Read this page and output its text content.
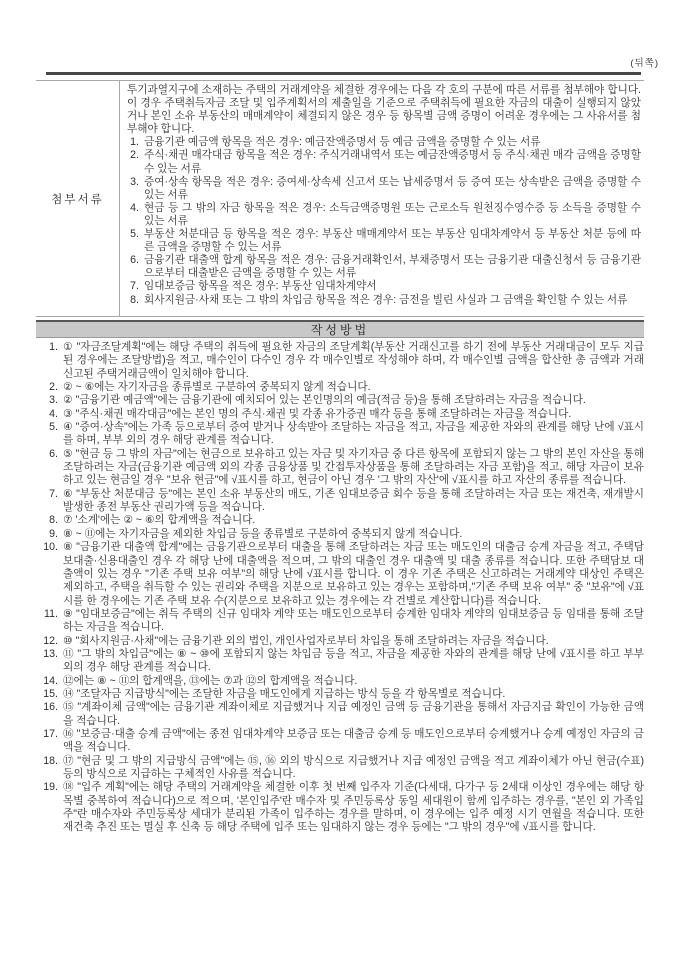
(뒤쪽)
첨부서류
투기과열지구에 소재하는 주택의 거래계약을 체결한 경우에는 다음 각 호의 구분에 따른 서류를 첨부해야 합니다. 이 경우 주택취득자금 조달 및 입주계획서의 제출일을 기준으로 주택취득에 필요한 자금의 대출이 실행되지 않았거나 본인 소유 부동산의 매매계약이 체결되지 않은 경우 등 항목별 금액 증명이 어려운 경우에는 그 사유서를 첨부해야 합니다.
1. 금융기관 예금액 항목을 적은 경우: 예금잔액증명서 등 예금 금액을 증명할 수 있는 서류
2. 주식·채권 매각대금 항목을 적은 경우: 주식거래내역서 또는 예금잔액증명서 등 주식·채권 매각 금액을 증명할 수 있는 서류
3. 증여·상속 항목을 적은 경우: 증여세·상속세 신고서 또는 납세증명서 등 증여 또는 상속받은 금액을 증명할 수 있는 서류
4. 현금 등 그 밖의 자금 항목을 적은 경우: 소득금액증명원 또는 근로소득 원천징수영수증 등 소득을 증명할 수 있는 서류
5. 부동산 처분대금 등 항목을 적은 경우: 부동산 매매계약서 또는 부동산 임대차계약서 등 부동산 처분 등에 따른 금액을 증명할 수 있는 서류
6. 금융기관 대출액 합계 항목을 적은 경우: 금융거래확인서, 부채증명서 또는 금융기관 대출신청서 등 금융기관으로부터 대출받은 금액을 증명할 수 있는 서류
7. 임대보증금 항목을 적은 경우: 부동산 임대차계약서
8. 회사지원금·사채 또는 그 밖의 차입금 항목을 적은 경우: 금전을 빌린 사실과 그 금액을 확인할 수 있는 서류
작성방법
1. ① "자금조달계획"에는 해당 주택의 취득에 필요한 자금의 조달계획(부동산 거래신고를 하기 전에 부동산 거래대금이 모두 지급된 경우에는 조달방법)을 적고, 매수인이 다수인 경우 각 매수인별로 작성해야 하며, 각 매수인별 금액을 합산한 총 금액과 거래신고된 주택거래금액이 일치해야 합니다.
2. ② ~ ⑥에는 자기자금을 종류별로 구분하여 중복되지 않게 적습니다.
3. ② "금융기관 예금액"에는 금융기관에 예치되어 있는 본인명의의 예금(적금 등)을 통해 조달하려는 자금을 적습니다.
4. ③ "주식·채권 매각대금"에는 본인 명의 주식·채권 및 각종 유가증권 매각 등을 통해 조달하려는 자금을 적습니다.
5. ④ "증여·상속"에는 가족 등으로부터 증여 받거나 상속받아 조달하는 자금을 적고, 자금을 제공한 자와의 관계를 해당 난에 √표시를 하며, 부부 외의 경우 해당 관계를 적습니다.
6. ⑤ "현금 등 그 밖의 자금"에는 현금으로 보유하고 있는 자금 및 자기자금 중 다른 항목에 포함되지 않는 그 밖의 본인 자산을 통해 조달하려는 자금(금융기관 예금액 외의 각종 금융상품 및 간접투자상품을 통해 조달하려는 자금 포함)을 적고, 해당 자금이 보유하고 있는 현금일 경우 "보유 현금"에 √표시를 하고, 현금이 아닌 경우 '그 밖의 자산'에 √표시를 하고 자산의 종류를 적습니다.
7. ⑥ "부동산 처분대금 등"에는 본인 소유 부동산의 매도, 기존 임대보증금 회수 등을 통해 조달하려는 자금 또는 재건축, 재개발시 발생한 종전 부동산 권리가액 등을 적습니다.
8. ⑦ '소계'에는 ② ~ ⑥의 합계액을 적습니다.
9. ⑧ ~ ⑪에는 자기자금을 제외한 차입금 등을 종류별로 구분하여 중복되지 않게 적습니다.
10. ⑧ "금융기관 대출액 합계"에는 금융기관으로부터 대출을 통해 조달하려는 자금 또는 매도인의 대출금 승계 자금을 적고, 주택담보대출·신용대출인 경우 각 해당 난에 대출액을 적으며, 그 밖의 대출인 경우 대출액 및 대출 종류를 적습니다. 또한 주택담보 대출액이 있는 경우 "기존 주택 보유 여부"의 해당 난에 √표시를 합니다. 이 경우 기존 주택은 신고하려는 거래계약 대상인 주택은 제외하고, 주택을 취득할 수 있는 권리와 주택을 지분으로 보유하고 있는 경우는 포함하며,"기존 주택 보유 여부" 중 "보유"에 √표시를 한 경우에는 기존 주택 보유 수(지분으로 보유하고 있는 경우에는 각 건별로 계산합니다)를 적습니다.
11. ⑨ "임대보증금"에는 취득 주택의 신규 임대차 계약 또는 매도인으로부터 승계한 임대차 계약의 임대보증금 등 임대를 통해 조달하는 자금을 적습니다.
12. ⑩ "회사지원금·사채"에는 금융기관 외의 법인, 개인사업자로부터 차입을 통해 조달하려는 자금을 적습니다.
13. ⑪ "그 밖의 차입금"에는 ⑧ ~ ⑩에 포함되지 않는 차입금 등을 적고, 자금을 제공한 자와의 관계를 해당 난에 √표시를 하고 부부 외의 경우 해당 관계를 적습니다.
14. ⑫에는 ⑧ ~ ⑪의 합계액을, ⑬에는 ⑦과 ⑫의 합계액을 적습니다.
15. ⑭ "조달자금 지급방식"에는 조달한 자금을 매도인에게 지급하는 방식 등을 각 항목별로 적습니다.
16. ⑮ "계좌이체 금액"에는 금융기관 계좌이체로 지급했거나 지급 예정인 금액 등 금융기관을 통해서 자금지급 확인이 가능한 금액을 적습니다.
17. ⑯ "보증금·대출 승계 금액"에는 종전 임대차계약 보증금 또는 대출금 승계 등 매도인으로부터 승계했거나 승계 예정인 자금의 금액을 적습니다.
18. ⑰ "현금 및 그 밖의 지급방식 금액"에는 ⑮, ⑯ 외의 방식으로 지급했거나 지급 예정인 금액을 적고 계좌이체가 아닌 현금(수표) 등의 방식으로 지급하는 구체적인 사유를 적습니다.
19. ⑱ "입주 계획"에는 해당 주택의 거래계약을 체결한 이후 첫 번째 입주자 기준(다세대, 다가구 등 2세대 이상인 경우에는 해당 항목별 중복하여 적습니다)으로 적으며, '본인입주'란 매수자 및 주민등록상 동일 세대원이 함께 입주하는 경우를, "본인 외 가족입주"란 매수자와 주민등록상 세대가 분리된 가족이 입주하는 경우를 말하며, 이 경우에는 입주 예정 시기 연월을 적습니다. 또한 재건축 추진 또는 멸실 후 신축 등 해당 주택에 입주 또는 임대하지 않는 경우 등에는 "그 밖의 경우"에 √표시를 합니다.
